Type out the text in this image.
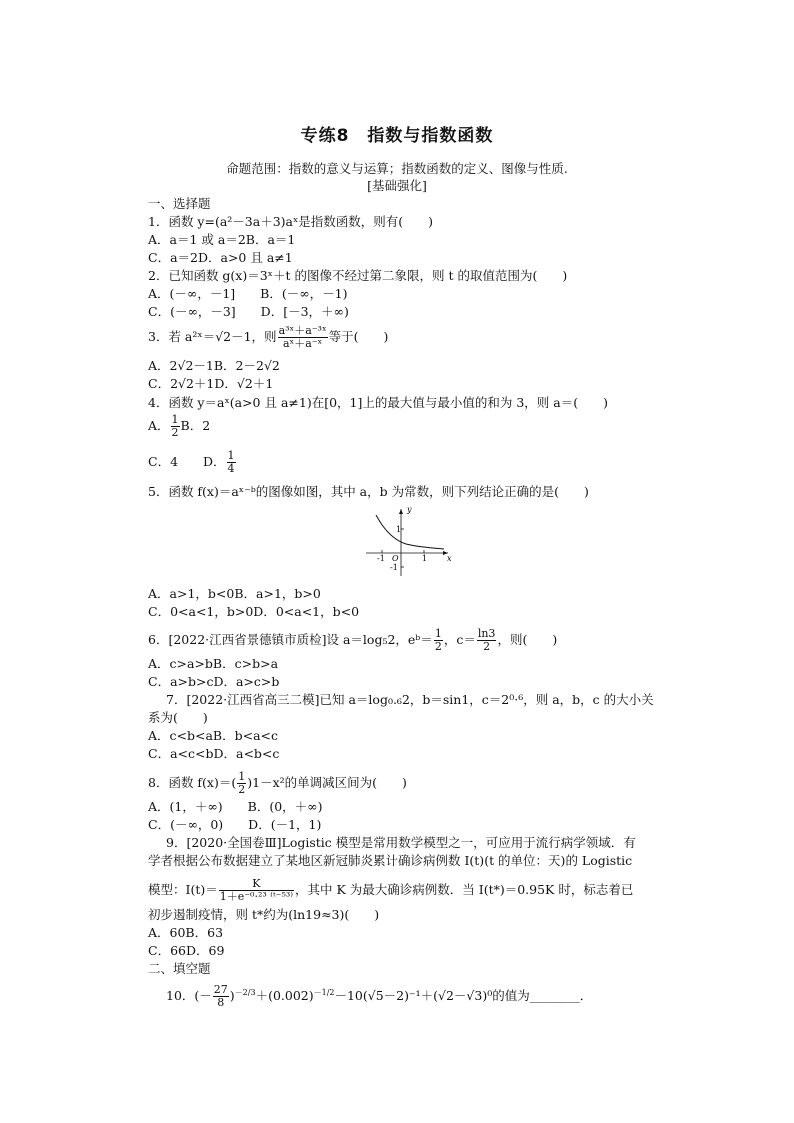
专练8　指数与指数函数
命题范围：指数的意义与运算；指数函数的定义、图像与性质.
[基础强化]
一、选择题
1．函数 y=(a²－3a＋3)aˣ是指数函数，则有(　　)
A．a＝1 或 a＝2B．a＝1
C．a＝2D．a>0 且 a≠1
2．已知函数 g(x)＝3ˣ＋t 的图像不经过第二象限，则 t 的取值范围为(　　)
A．(－∞，－1]　　B．(－∞，－1)
C．(－∞，－3]　　D．[－3，＋∞)
3．若 a²ˣ＝√2－1，则 $\frac{\text{a³ˣ＋a⁻³ˣ}}{\text{aˣ＋a⁻ˣ}}$ 等于(　　)
A．2√2－1B．2－2√2
C．2√2＋1D．√2＋1
4．函数 y＝aˣ(a>0 且 a≠1)在[0，1]上的最大值与最小值的和为 3，则 a＝(　　)
A． $\frac{1}{2}$ B．2
C．4　　D． $\frac{1}{4}$
5．函数 f(x)＝aˣ⁻ᵇ的图像如图，其中 a，b 为常数，则下列结论正确的是(　　)
y
x
O
1
-1
1
-1
A．a>1，b<0B．a>1，b>0
C．0<a<1，b>0D．0<a<1，b<0
6．[2022·江西省景德镇市质检]设 a＝log₅2，eᵇ＝ $\frac{1}{2}$ ，$c= \frac{\ln 3}{2}$ ，则(　　)
A．c>a>bB．c>b>a
C．a>b>cD．a>c>b
7．[2022·江西省高三二模]已知 a＝log₀.₆2，b＝sin1，c＝2⁰·⁶，则 a，b，c 的大小关
系为(　　)
A．c<b<aB．b<a<c
C．a<c<bD．a<b<c
8．函数 $f(x)=( \frac{1}{2} )1-x^2$的单调减区间为(　　)
A．(1，＋∞)　　B．(0，＋∞)
C．(－∞，0)　　D．(－1，1)
9．[2020·全国卷Ⅲ]Logistic 模型是常用数学模型之一，可应用于流行病学领域．有
学者根据公布数据建立了某地区新冠肺炎累计确诊病例数 I(t)(t 的单位：天)的 Logistic
模型：$I(t)= \frac{K}{\text{1＋e⁻⁰·²³ ⁽ᵗ⁻⁵³⁾}}$ ，其中 K 为最大确诊病例数．当 I(t*)＝0.95K 时，标志着已
初步遏制疫情，则 t*约为(ln19≈3)(　　)
A．60B．63
C．66D．69
二、填空题
10．(－ $\frac{27}{8} )^{-2/3}+(0.002)^{-1/2}-10(√5-2)^{-1}+(√2-√3)^0$的值为________．
